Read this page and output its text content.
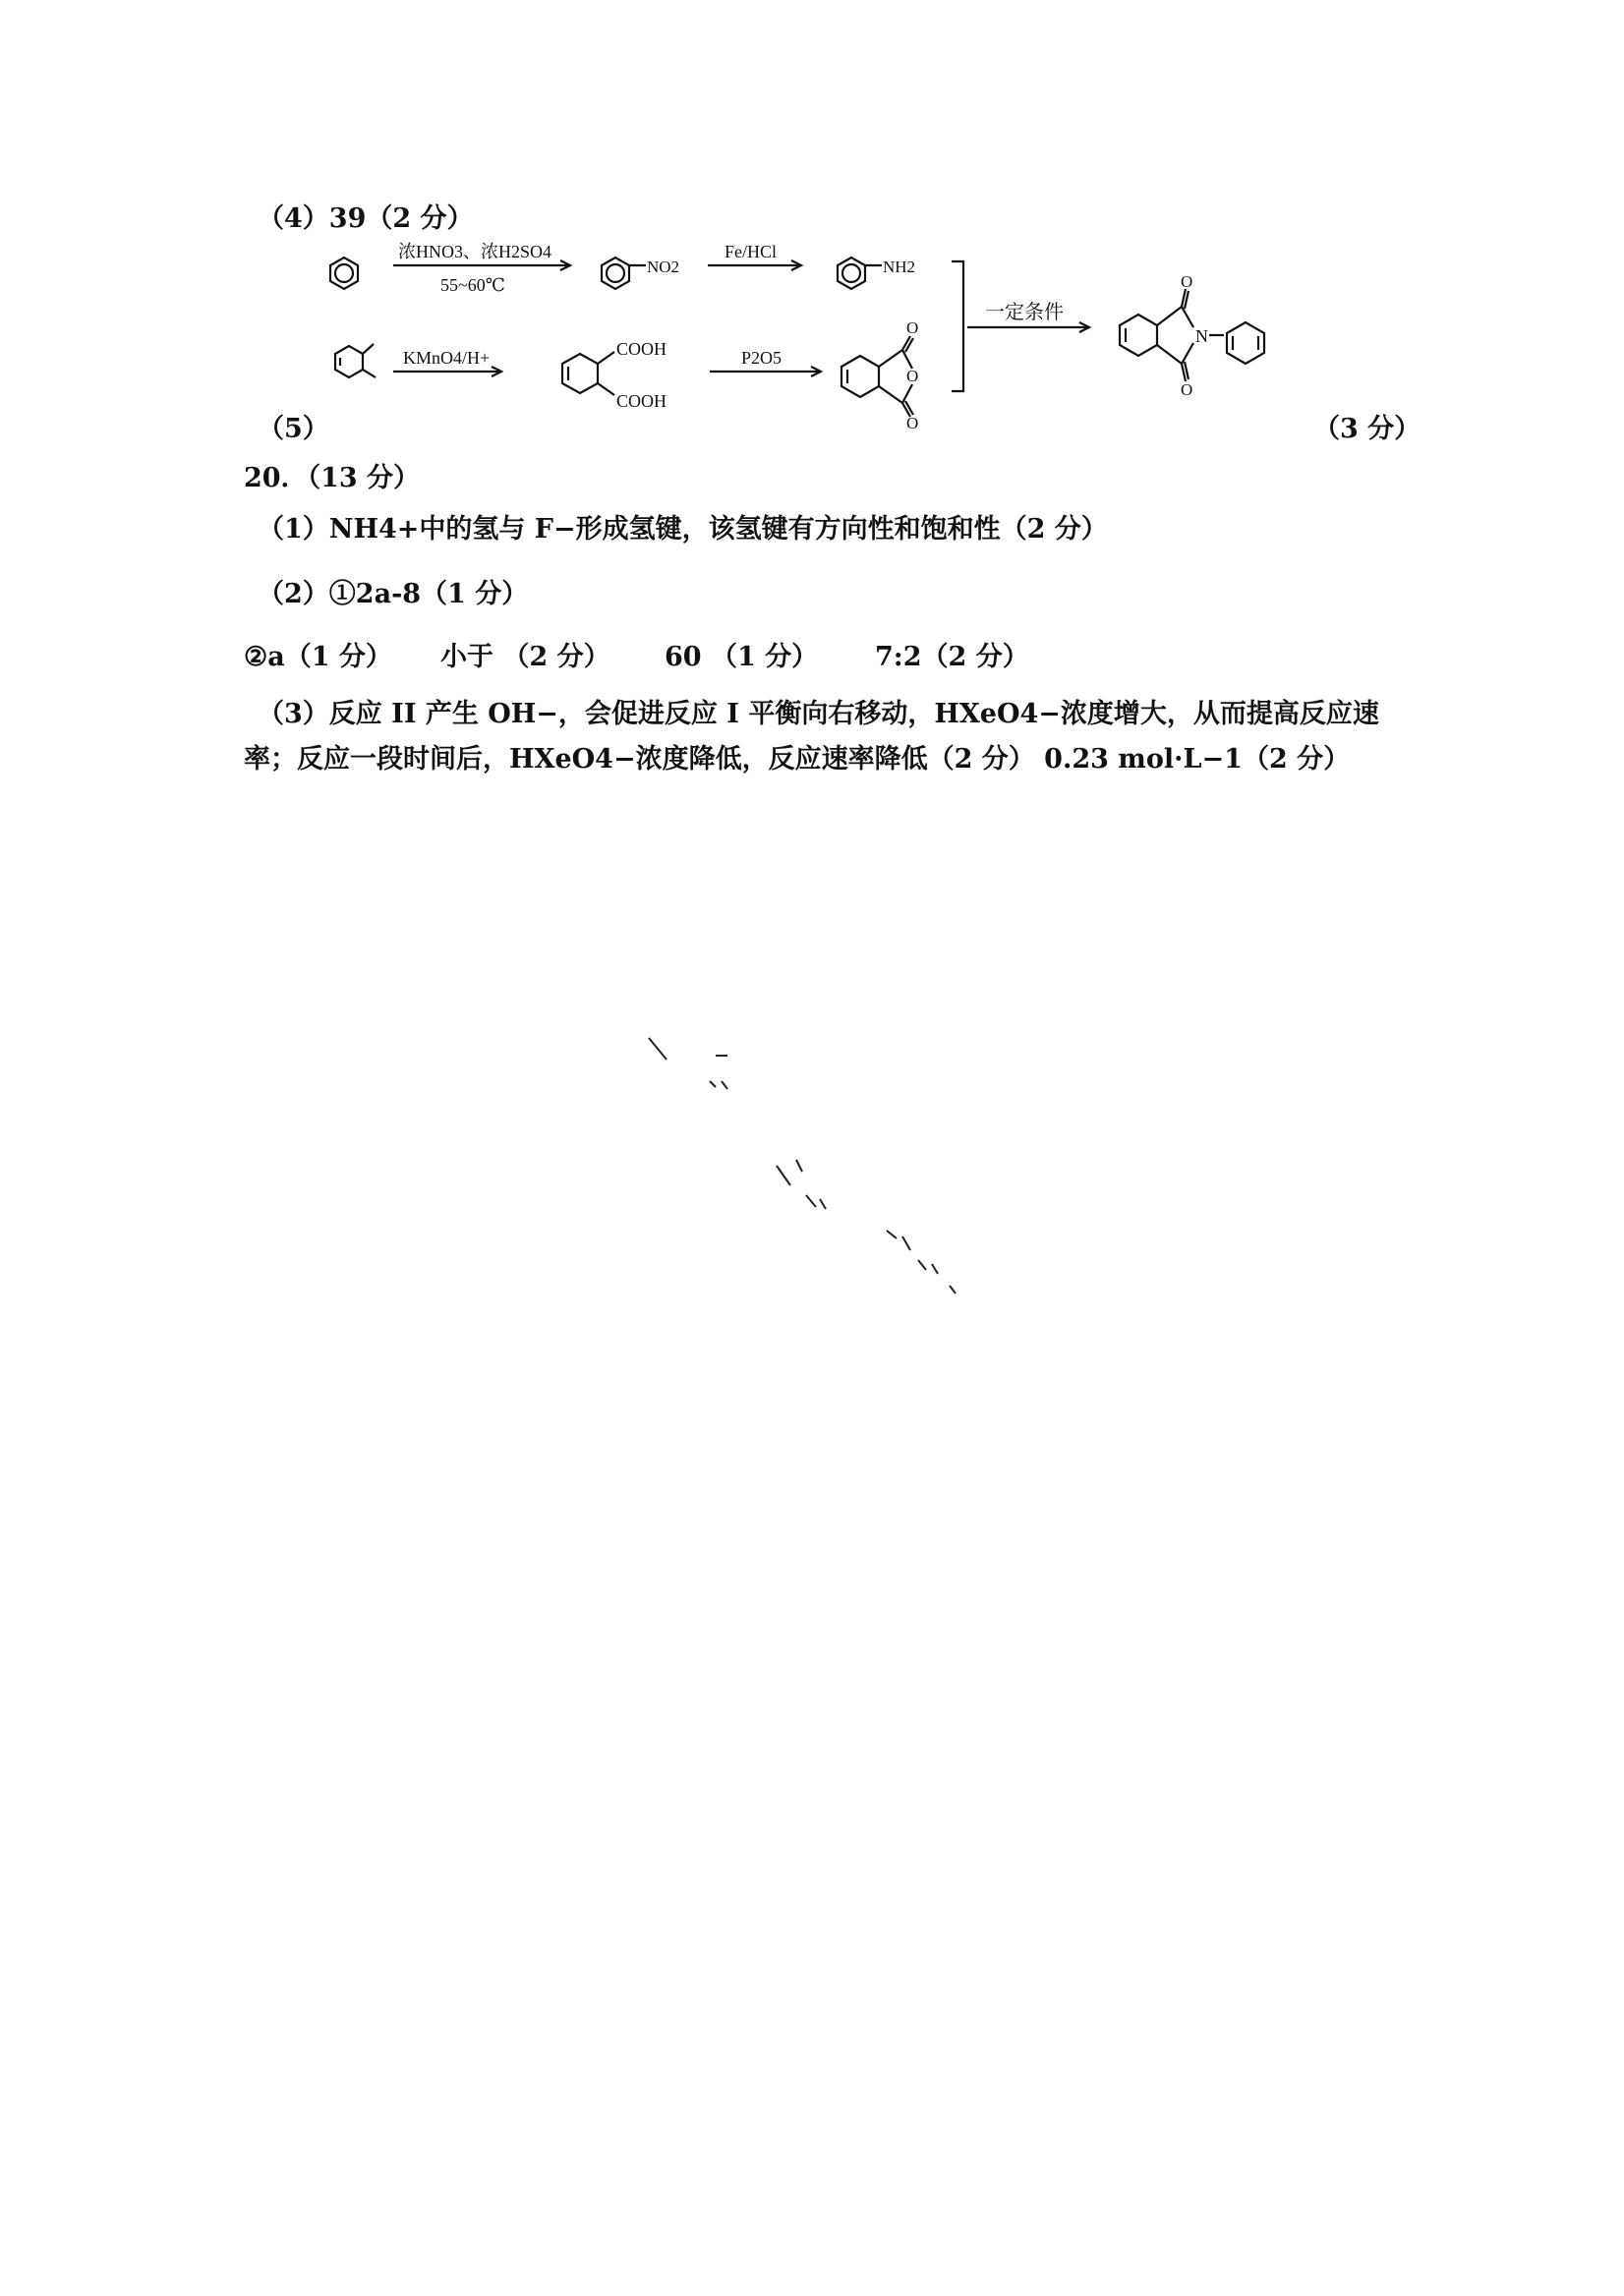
（4）39（2 分）
（5）	（3 分）
20．（13 分）
（1）NH4+中的氢与 F−形成氢键，该氢键有方向性和饱和性（2 分）
（2）①2a-8（1 分）
②a（1 分） 小于 （2 分） 60 （1 分） 7:2（2 分）
（3）反应 II 产生 OH−，会促进反应 I 平衡向右移动，HXeO4−浓度增大，从而提高反应速
率；反应一段时间后，HXeO4−浓度降低，反应速率降低（2 分） 0.23 mol·L−1（2 分）
浓HNO3、浓H2SO4
55~60℃
NO2
Fe/HCl
NH2
KMnO4/H+	COOH
COOH
P2O5
O
O
O
一定条件
O
N
O
